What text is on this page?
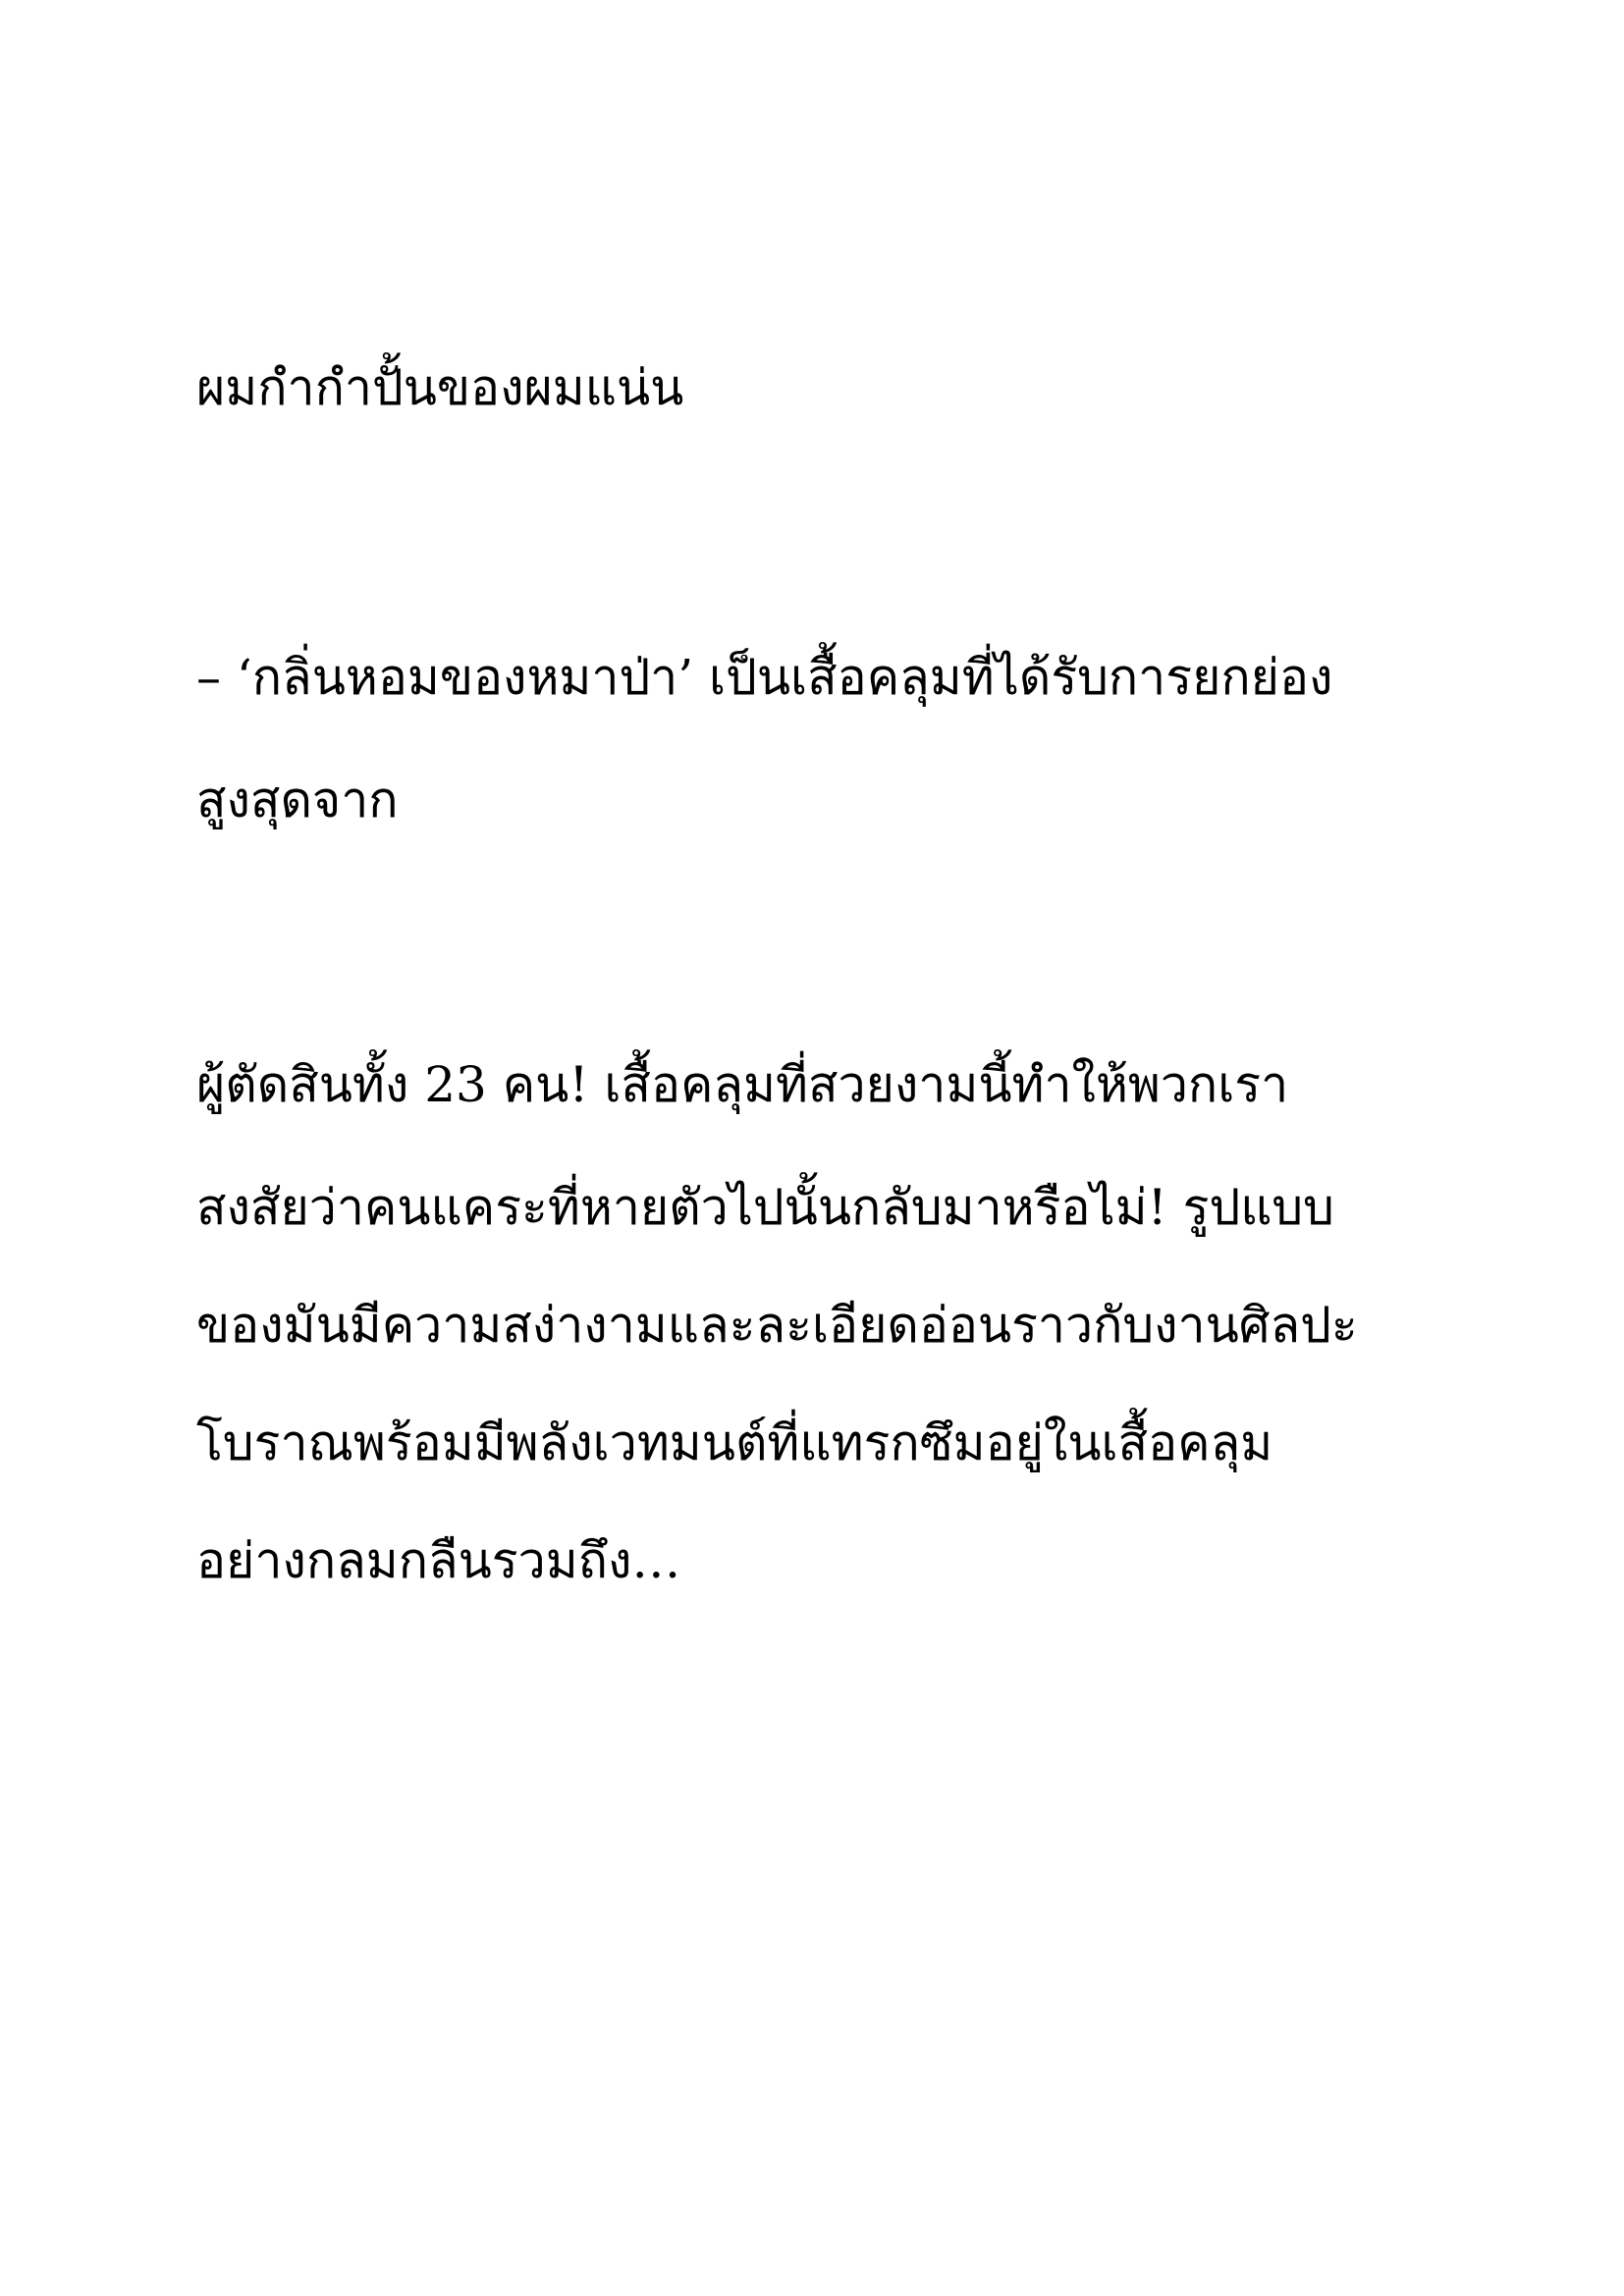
ผมกำกำปั้นของผมแน่น

– ‘กลิ่นหอมของหมาป่า’ เป็นเสื้อคลุมที่ได้รับการยกย่อง

สูงสุดจาก

ผู้ตัดสินทั้ง 23 คน! เสื้อคลุมที่สวยงามนี้ทำให้พวกเรา

สงสัยว่าคนแคระที่หายตัวไปนั้นกลับมาหรือไม่! รูปแบบ

ของมันมีความสง่างามและละเอียดอ่อนราวกับงานศิลปะ

โบราณพร้อมมีพลังเวทมนต์ที่แทรกซึมอยู่ในเสื้อคลุม

อย่างกลมกลืนรวมถึง…
